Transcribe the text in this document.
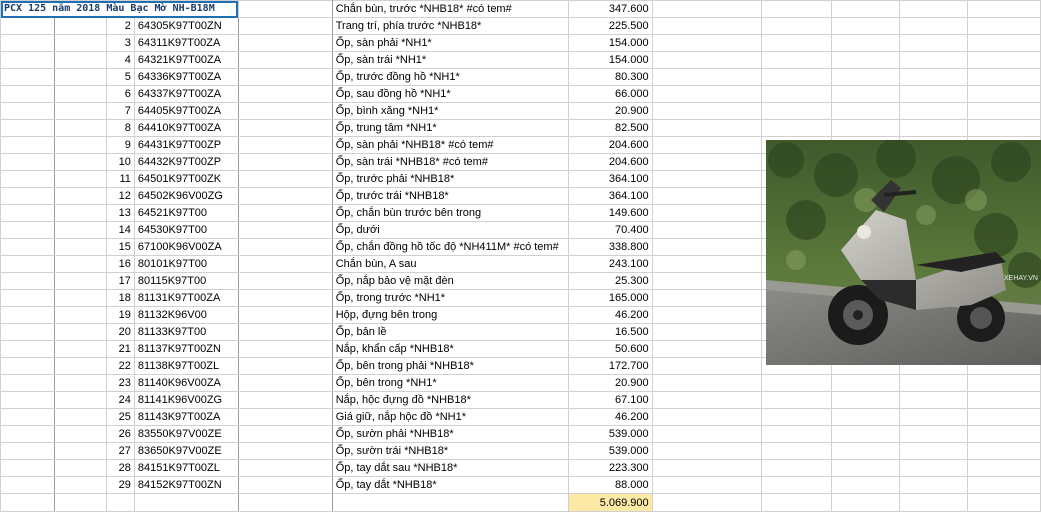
PCX 125 năm 2018 Màu Bạc Mờ NH-B18M					Chắn bùn, trước *NHB18* #có tem#	347.600					
		2	64305K97T00ZN		Trang trí, phía trước *NHB18*	225.500					
		3	64311K97T00ZA		Ốp, sàn phải *NH1*	154.000					
		4	64321K97T00ZA		Ốp, sàn trái *NH1*	154.000					
		5	64336K97T00ZA		Ốp, trước đồng hồ *NH1*	80.300					
		6	64337K97T00ZA		Ốp, sau đồng hồ *NH1*	66.000					
		7	64405K97T00ZA		Ốp, bình xăng *NH1*	20.900					
		8	64410K97T00ZA		Ốp, trung tâm *NH1*	82.500					
		9	64431K97T00ZP		Ốp, sàn phải *NHB18* #có tem#	204.600					
		10	64432K97T00ZP		Ốp, sàn trái *NHB18* #có tem#	204.600					
		11	64501K97T00ZK		Ốp, trước phải *NHB18*	364.100					
		12	64502K96V00ZG		Ốp, trước trái *NHB18*	364.100					
		13	64521K97T00		Ốp, chắn bùn trước bên trong	149.600					
		14	64530K97T00		Ốp, dưới	70.400					
		15	67100K96V00ZA		Ốp, chắn đồng hồ tốc độ *NH411M* #có tem#	338.800					
		16	80101K97T00		Chắn bùn, A sau	243.100					
		17	80115K97T00		Ốp, nắp bảo vệ mặt đèn	25.300					
		18	81131K97T00ZA		Ốp, trong trước *NH1*	165.000					
		19	81132K96V00		Hộp, đựng bên trong	46.200					
		20	81133K97T00		Ốp, bản lề	16.500					
		21	81137K97T00ZN		Nắp, khẩn cấp *NHB18*	50.600					
		22	81138K97T00ZL		Ốp, bên trong phải *NHB18*	172.700					
		23	81140K96V00ZA		Ốp, bên trong *NH1*	20.900					
		24	81141K96V00ZG		Nắp, hộc đựng đồ *NHB18*	67.100					
		25	81143K97T00ZA		Giá giữ, nắp hộc đồ *NH1*	46.200					
		26	83550K97V00ZE		Ốp, sườn phải *NHB18*	539.000					
		27	83650K97V00ZE		Ốp, sườn trái *NHB18*	539.000					
		28	84151K97T00ZL		Ốp, tay dắt sau *NHB18*	223.300					
		29	84152K97T00ZN		Ốp, tay dắt *NHB18*	88.000					
						5.069.900					
XEHAY.VN
